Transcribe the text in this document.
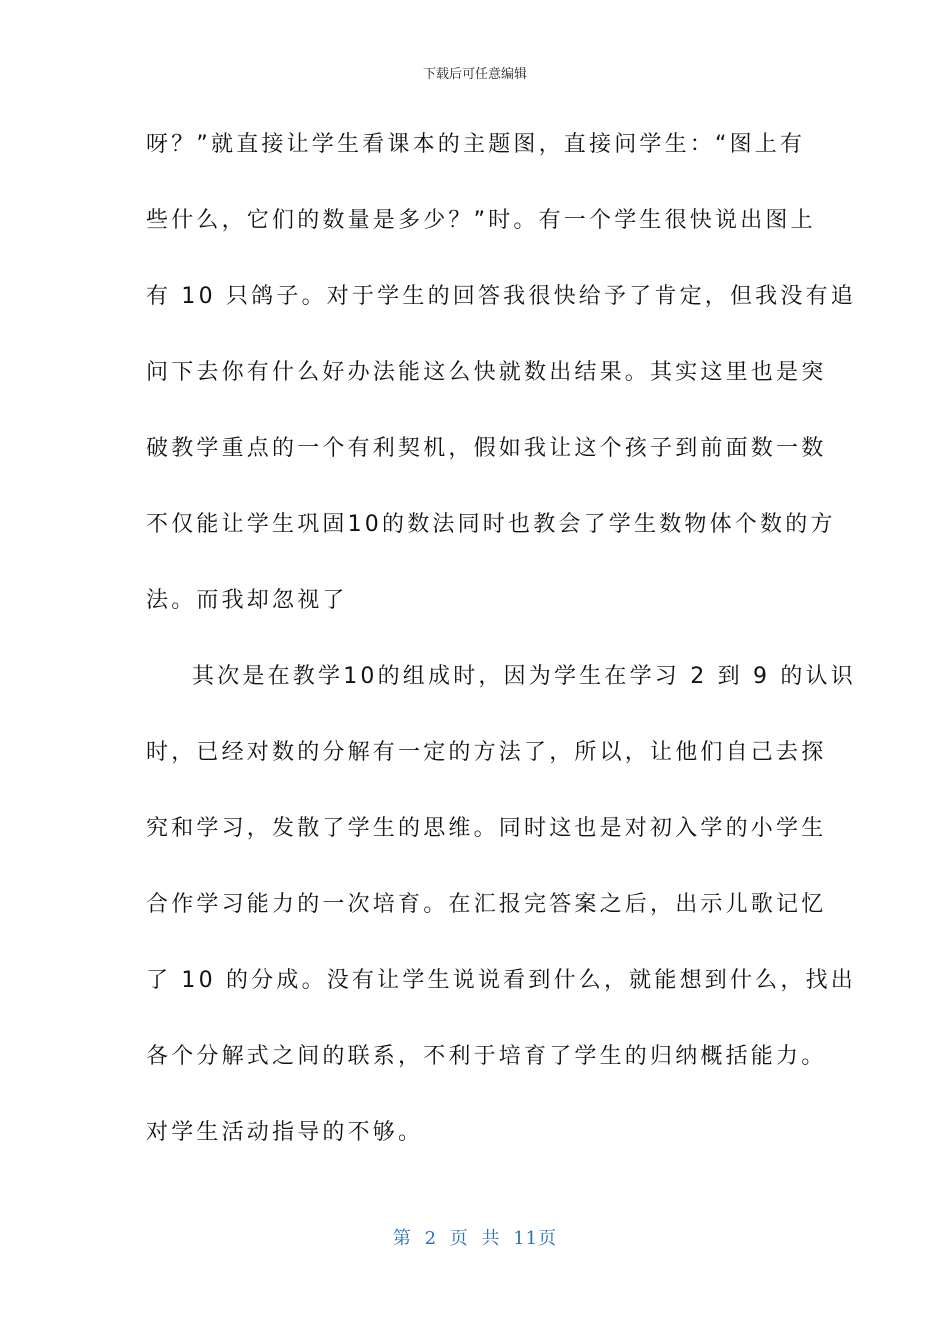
下载后可任意编辑
呀？”就直接让学生看课本的主题图，直接问学生：“图上有
些什么，它们的数量是多少？”时。有一个学生很快说出图上
有 10 只鸽子。对于学生的回答我很快给予了肯定，但我没有追
问下去你有什么好办法能这么快就数出结果。其实这里也是突
破教学重点的一个有利契机，假如我让这个孩子到前面数一数
不仅能让学生巩固10的数法同时也教会了学生数物体个数的方
法。而我却忽视了
其次是在教学10的组成时，因为学生在学习 2 到 9 的认识
时，已经对数的分解有一定的方法了，所以，让他们自己去探
究和学习，发散了学生的思维。同时这也是对初入学的小学生
合作学习能力的一次培育。在汇报完答案之后，出示儿歌记忆
了 10 的分成。没有让学生说说看到什么，就能想到什么，找出
各个分解式之间的联系，不利于培育了学生的归纳概括能力。
对学生活动指导的不够。
第 2 页 共 11页
